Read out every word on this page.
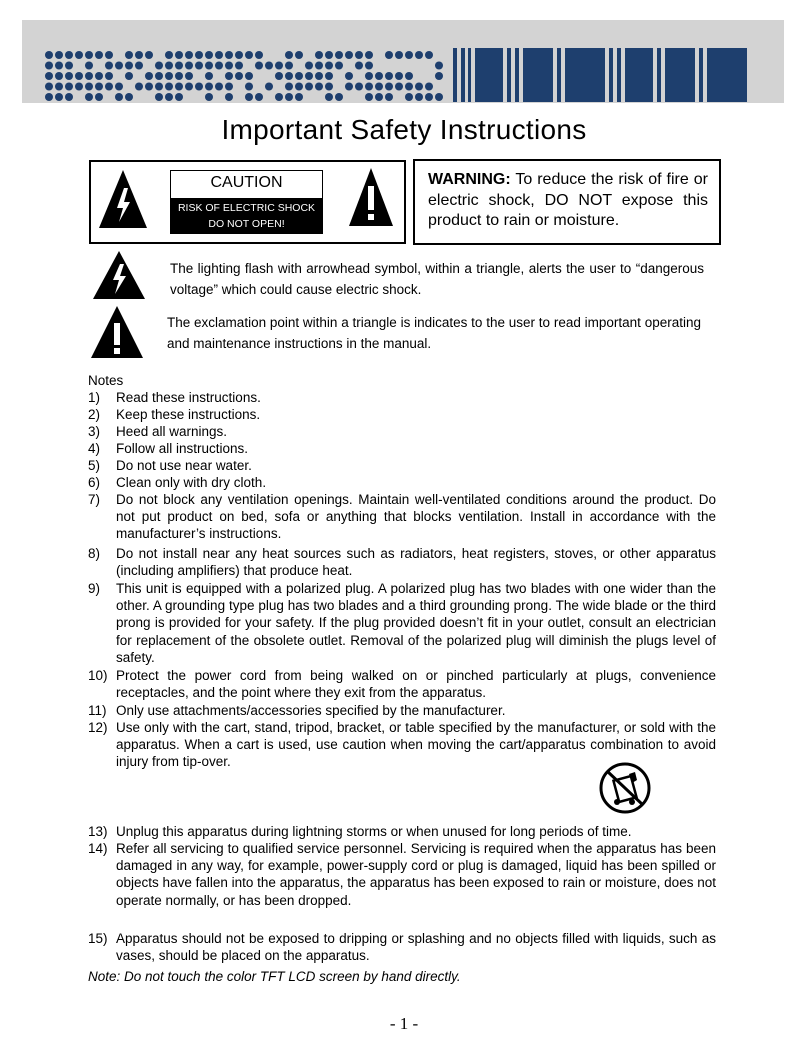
Important Safety Instructions
CAUTION
RISK OF ELECTRIC SHOCK
DO NOT OPEN!
WARNING: To reduce the risk of fire or electric shock, DO NOT expose this product to rain or moisture.
The lighting flash with arrowhead symbol, within a triangle, alerts the user to “dangerous voltage” which could cause electric shock.
The exclamation point within a triangle is indicates to the user to read important operating and maintenance instructions in the manual.
Notes
1) Read these instructions.
2) Keep these instructions.
3) Heed all warnings.
4) Follow all instructions.
5) Do not use near water.
6) Clean only with dry cloth.
7) Do not block any ventilation openings. Maintain well-ventilated conditions around the product. Do not put product on bed, sofa or anything that blocks ventilation. Install in accordance with the manufacturer’s instructions.
8) Do not install near any heat sources such as radiators, heat registers, stoves, or other apparatus (including amplifiers) that produce heat.
9) This unit is equipped with a polarized plug. A polarized plug has two blades with one wider than the other. A grounding type plug has two blades and a third grounding prong. The wide blade or the third prong is provided for your safety. If the plug provided doesn’t fit in your outlet, consult an electrician for replacement of the obsolete outlet. Removal of the polarized plug will diminish the plugs level of safety.
10) Protect the power cord from being walked on or pinched particularly at plugs, convenience receptacles, and the point where they exit from the apparatus.
11) Only use attachments/accessories specified by the manufacturer.
12) Use only with the cart, stand, tripod, bracket, or table specified by the manufacturer, or sold with the apparatus. When a cart is used, use caution when moving the cart/apparatus combination to avoid injury from tip-over.
13) Unplug this apparatus during lightning storms or when unused for long periods of time.
14) Refer all servicing to qualified service personnel. Servicing is required when the apparatus has been damaged in any way, for example, power-supply cord or plug is damaged, liquid has been spilled or objects have fallen into the apparatus, the apparatus has been exposed to rain or moisture, does not operate normally, or has been dropped.
15) Apparatus should not be exposed to dripping or splashing and no objects filled with liquids, such as vases, should be placed on the apparatus.
Note: Do not touch the color TFT LCD screen by hand directly.
- 1 -
